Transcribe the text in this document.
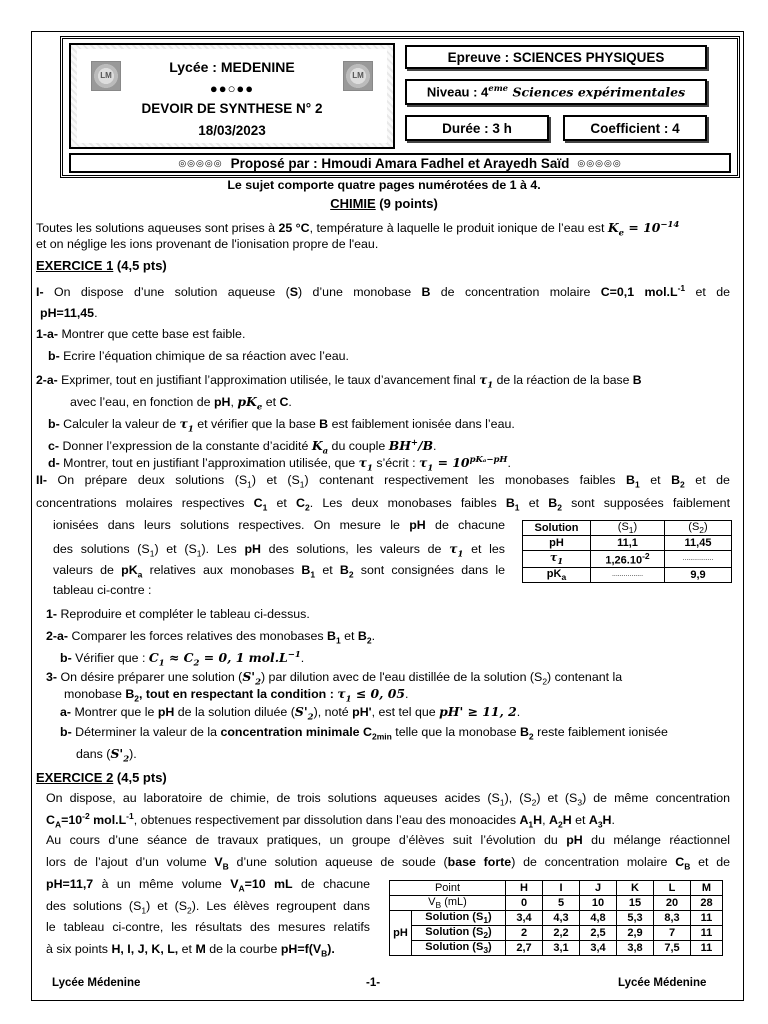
LM	LM
Lycée : MEDENINE
●●○●●
DEVOIR DE SYNTHESE N° 2
18/03/2023
Epreuve : SCIENCES PHYSIQUES
Niveau : 4eme Sciences expérimentales
Durée : 3 h	Coefficient : 4
◎◎◎◎◎ Proposé par : Hmoudi Amara Fadhel et Arayedh Saïd ◎◎◎◎◎
Le sujet comporte quatre pages numérotées de 1 à 4.
CHIMIE (9 points)
Toutes les solutions aqueuses sont prises à 25 °C, température à laquelle le produit ionique de l’eau est $K_e = 10^{-14}$
et on néglige les ions provenant de l'ionisation propre de l'eau.
EXERCICE 1 (4,5 pts)
I- On dispose d’une solution aqueuse (S) d’une monobase B de concentration molaire C=0,1 $mol.L^{-1}$ et de
pH=11,45.
1-a- Montrer que cette base est faible.
b- Ecrire l’équation chimique de sa réaction avec l’eau.
2-a- Exprimer, tout en justifiant l’approximation utilisée, le taux d’avancement final $\tau_1$ de la réaction de la base B
avec l’eau, en fonction de pH, $pK_e$ et C.
b- Calculer la valeur de $\tau_1$ et vérifier que la base B est faiblement ionisée dans l’eau.
c- Donner l’expression de la constante d’acidité $K_a$ du couple BH+/B.
d- Montrer, tout en justifiant l’approximation utilisée, que $\tau_1$ s’écrit : $\tau_1 = 10^{pK_a-pH}$.
II- On prépare deux solutions $(S_1)$ et $(S_1)$ contenant respectivement les monobases faibles $B_1$ et $B_2$ et de
concentrations molaires respectives $C_1$ et $C_2$. Les deux monobases faibles $B_1$ et $B_2$ sont supposées faiblement
ionisées dans leurs solutions respectives. On mesure le pH de chacune
des solutions $(S_1)$ et $(S_1)$. Les pH des solutions, les valeurs de $\tau_1$ et les
valeurs de $pK_a$ relatives aux monobases $B_1$ et $B_2$ sont consignées dans le
tableau ci-contre :
Solution	$(S_1)$	$(S_2)$
pH	11,1	11,45
$\tau_1$	$1,26.10^{-2}$	................
$pK_a$	................	9,9
1- Reproduire et compléter le tableau ci-dessus.
2-a- Comparer les forces relatives des monobases $B_1$ et $B_2$.
b- Vérifier que : $C_1 \approx C_2 = 0$, 1 $mol.L^{-1}$.
3- On désire préparer une solution $(S'_2)$ par dilution avec de l'eau distillée de la solution $(S_2)$ contenant la
monobase $B_2$, tout en respectant la condition : $\tau_1 \le 0$, 05.
a- Montrer que le pH de la solution diluée $(S'_2)$, noté pH', est tel que pH' ≥ 11, 2.
b- Déterminer la valeur de la concentration minimale $C_{2min}$ telle que la monobase $B_2$ reste faiblement ionisée
dans $(S'_2)$.
EXERCICE 2 (4,5 pts)
On dispose, au laboratoire de chimie, de trois solutions aqueuses acides $(S_1)$, $(S_2)$ et $(S_3)$ de même concentration
$C_A=10^{-2}$ $mol.L^{-1}$, obtenues respectivement par dissolution dans l’eau des monoacides $A_1H$, $A_2H$ et $A_3H$.
Au cours d’une séance de travaux pratiques, un groupe d’élèves suit l’évolution du pH du mélange réactionnel
lors de l’ajout d’un volume $V_B$ d’une solution aqueuse de soude (base forte) de concentration molaire $C_B$ et de
pH=11,7 à un même volume $V_A=10$ mL de chacune
des solutions $(S_1)$ et $(S_2)$. Les élèves regroupent dans
le tableau ci-contre, les résultats des mesures relatifs
à six points H, I, J, K, L, et M de la courbe $pH=f(V_B)$.
Point		H	I	J	K	L	M
$V_B$ (mL)		0	5	10	15	20	28
pH	Solution $(S_1)$	3,4	4,3	4,8	5,3	8,3	11
	Solution $(S_2)$	2	2,2	2,5	2,9	7	11
	Solution $(S_3)$	2,7	3,1	3,4	3,8	7,5	11
Lycée Médenine	-1-	Lycée Médenine
